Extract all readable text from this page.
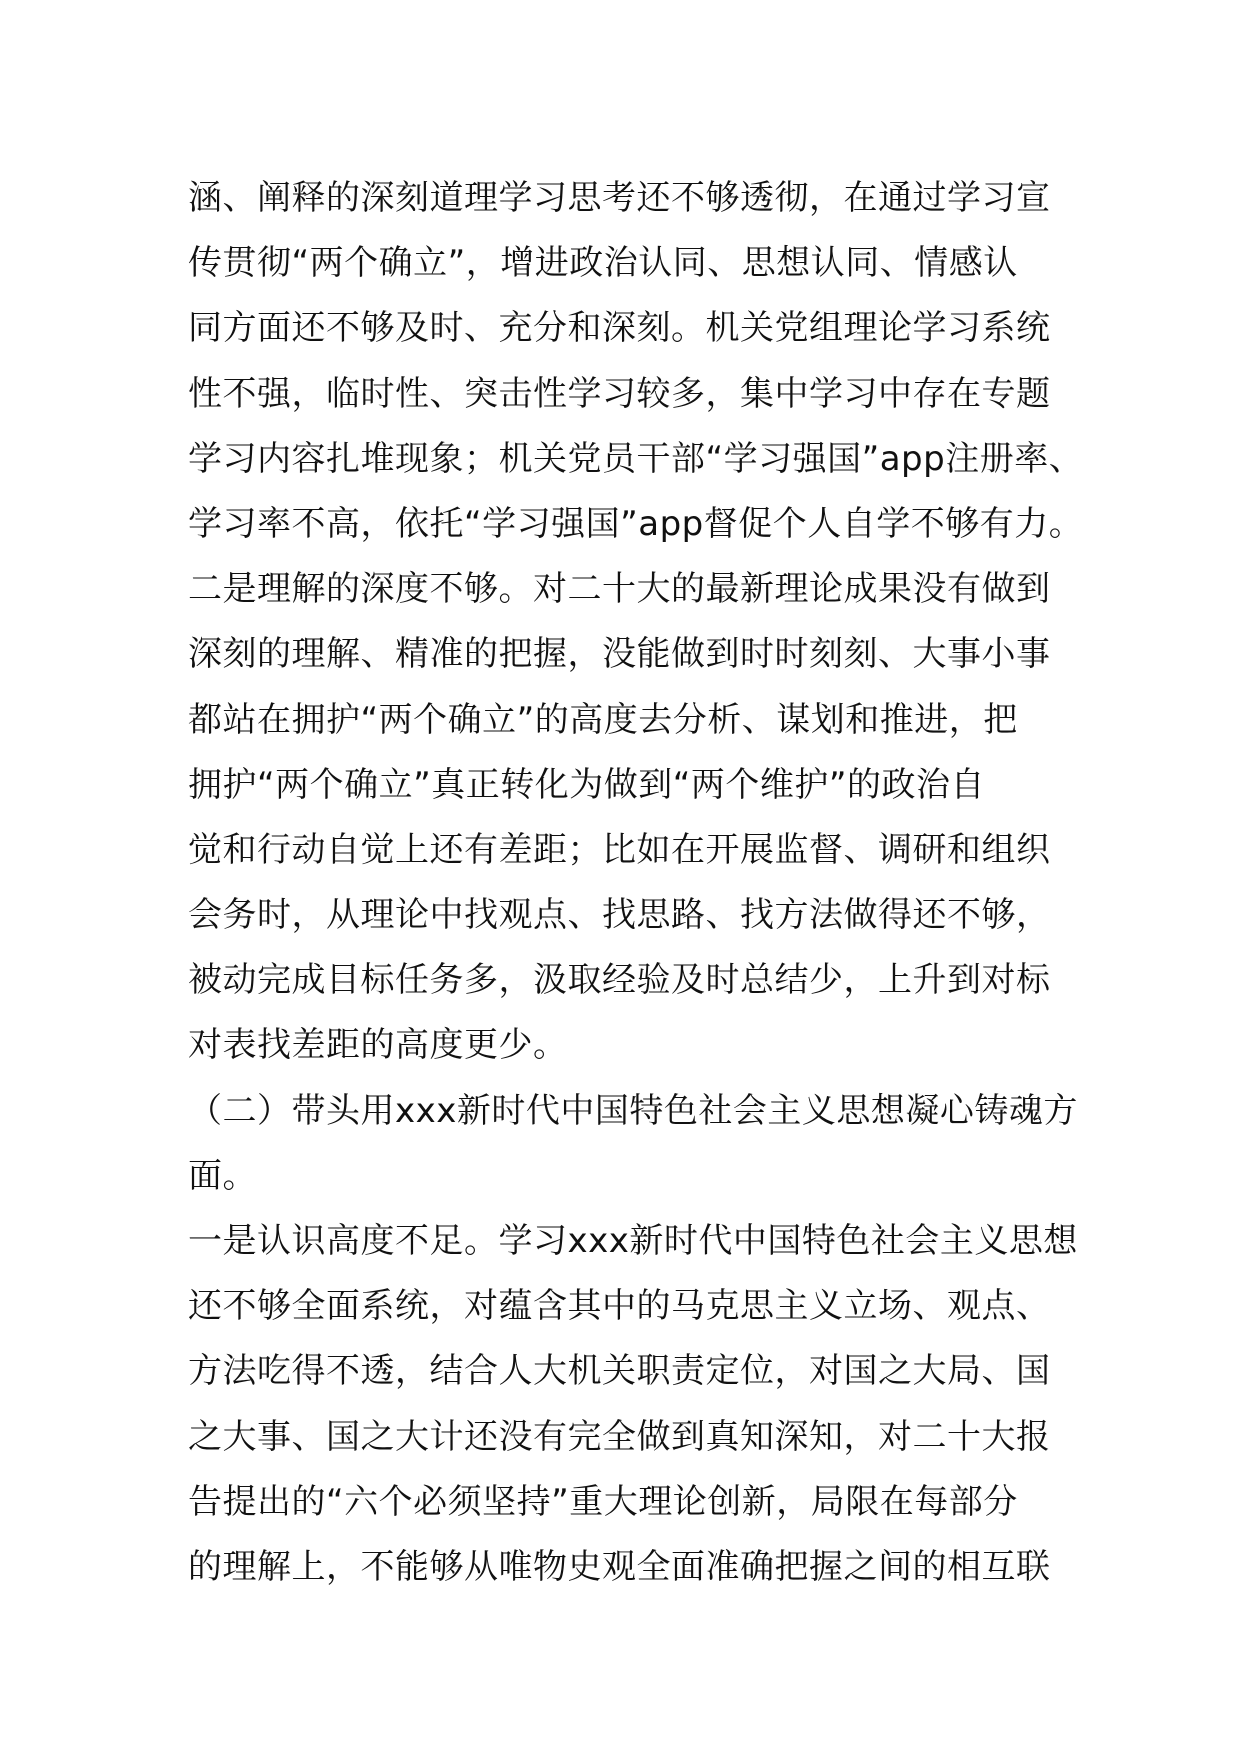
涵、阐释的深刻道理学习思考还不够透彻，在通过学习宣
传贯彻“两个确立”，增进政治认同、思想认同、情感认
同方面还不够及时、充分和深刻。机关党组理论学习系统
性不强，临时性、突击性学习较多，集中学习中存在专题
学习内容扎堆现象；机关党员干部“学习强国”app注册率、
学习率不高，依托“学习强国”app督促个人自学不够有力。
二是理解的深度不够。对二十大的最新理论成果没有做到
深刻的理解、精准的把握，没能做到时时刻刻、大事小事
都站在拥护“两个确立”的高度去分析、谋划和推进，把
拥护“两个确立”真正转化为做到“两个维护”的政治自
觉和行动自觉上还有差距；比如在开展监督、调研和组织
会务时，从理论中找观点、找思路、找方法做得还不够，
被动完成目标任务多，汲取经验及时总结少，上升到对标
对表找差距的高度更少。
（二）带头用xxx新时代中国特色社会主义思想凝心铸魂方
面。
一是认识高度不足。学习xxx新时代中国特色社会主义思想
还不够全面系统，对蕴含其中的马克思主义立场、观点、
方法吃得不透，结合人大机关职责定位，对国之大局、国
之大事、国之大计还没有完全做到真知深知，对二十大报
告提出的“六个必须坚持”重大理论创新，局限在每部分
的理解上，不能够从唯物史观全面准确把握之间的相互联
